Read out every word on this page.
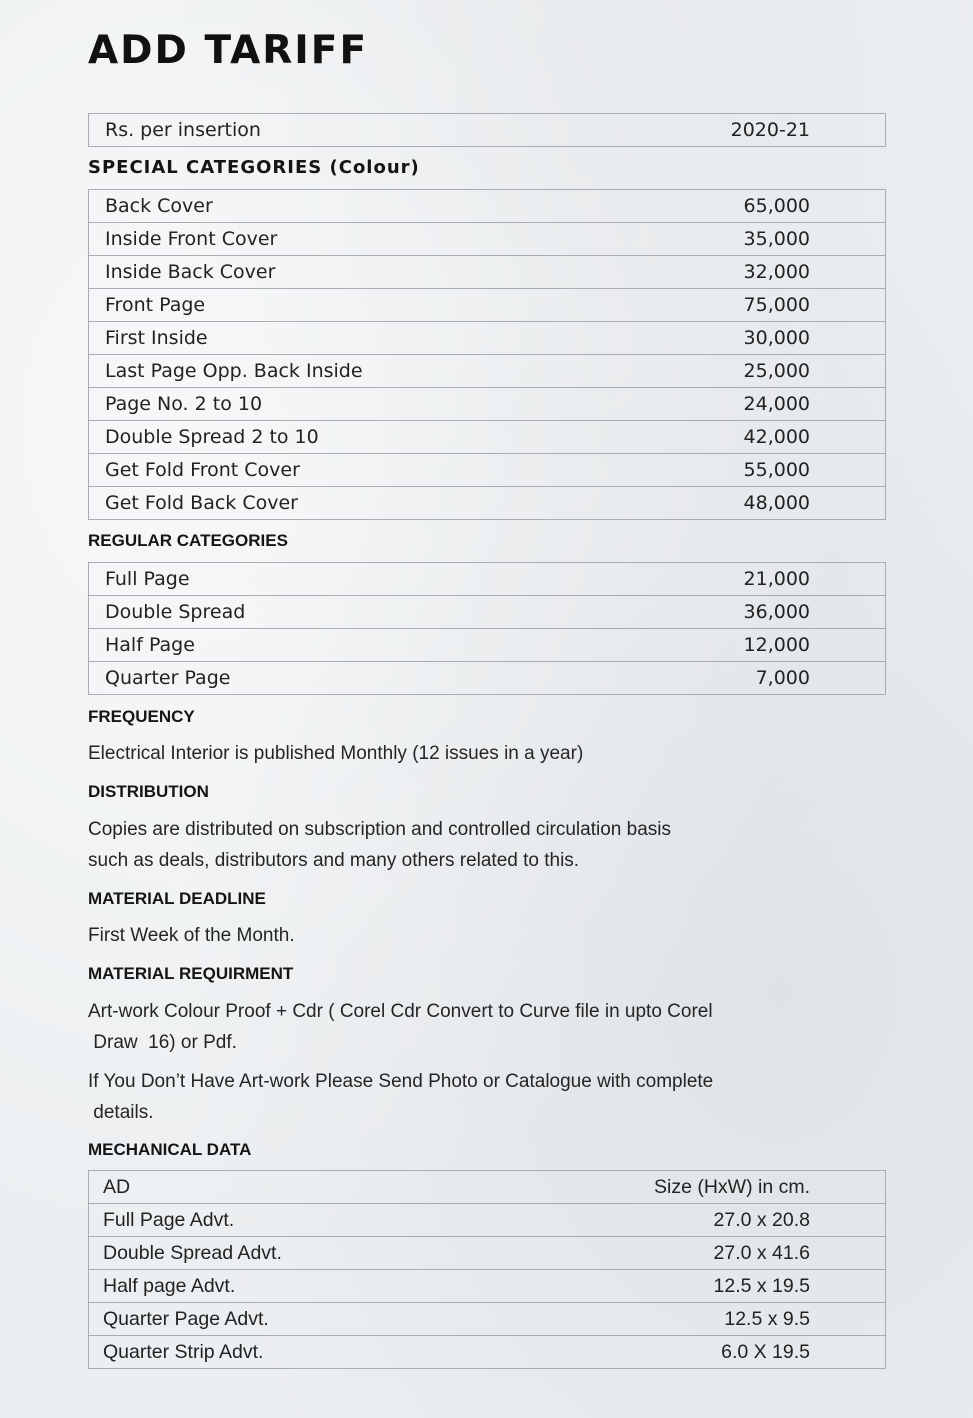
ADD TARIFF
Rs. per insertion	2020-21
SPECIAL CATEGORIES (Colour)
Back Cover	65,000
Inside Front Cover	35,000
Inside Back Cover	32,000
Front Page	75,000
First Inside	30,000
Last Page Opp. Back Inside	25,000
Page No. 2 to 10	24,000
Double Spread 2 to 10	42,000
Get Fold Front Cover	55,000
Get Fold Back Cover	48,000
REGULAR CATEGORIES
Full Page	21,000
Double Spread	36,000
Half Page	12,000
Quarter Page	7,000
FREQUENCY
Electrical Interior is published Monthly (12 issues in a year)
DISTRIBUTION
Copies are distributed on subscription and controlled circulation basis
such as deals, distributors and many others related to this.
MATERIAL DEADLINE
First Week of the Month.
MATERIAL REQUIRMENT
Art-work Colour Proof + Cdr ( Corel Cdr Convert to Curve file in upto Corel
Draw  16) or Pdf.
If You Don’t Have Art-work Please Send Photo or Catalogue with complete
details.
MECHANICAL DATA
AD	Size (HxW) in cm.
Full Page Advt.	27.0 x 20.8
Double Spread Advt.	27.0 x 41.6
Half page Advt.	12.5 x 19.5
Quarter Page Advt.	12.5 x 9.5
Quarter Strip Advt.	6.0 X 19.5
